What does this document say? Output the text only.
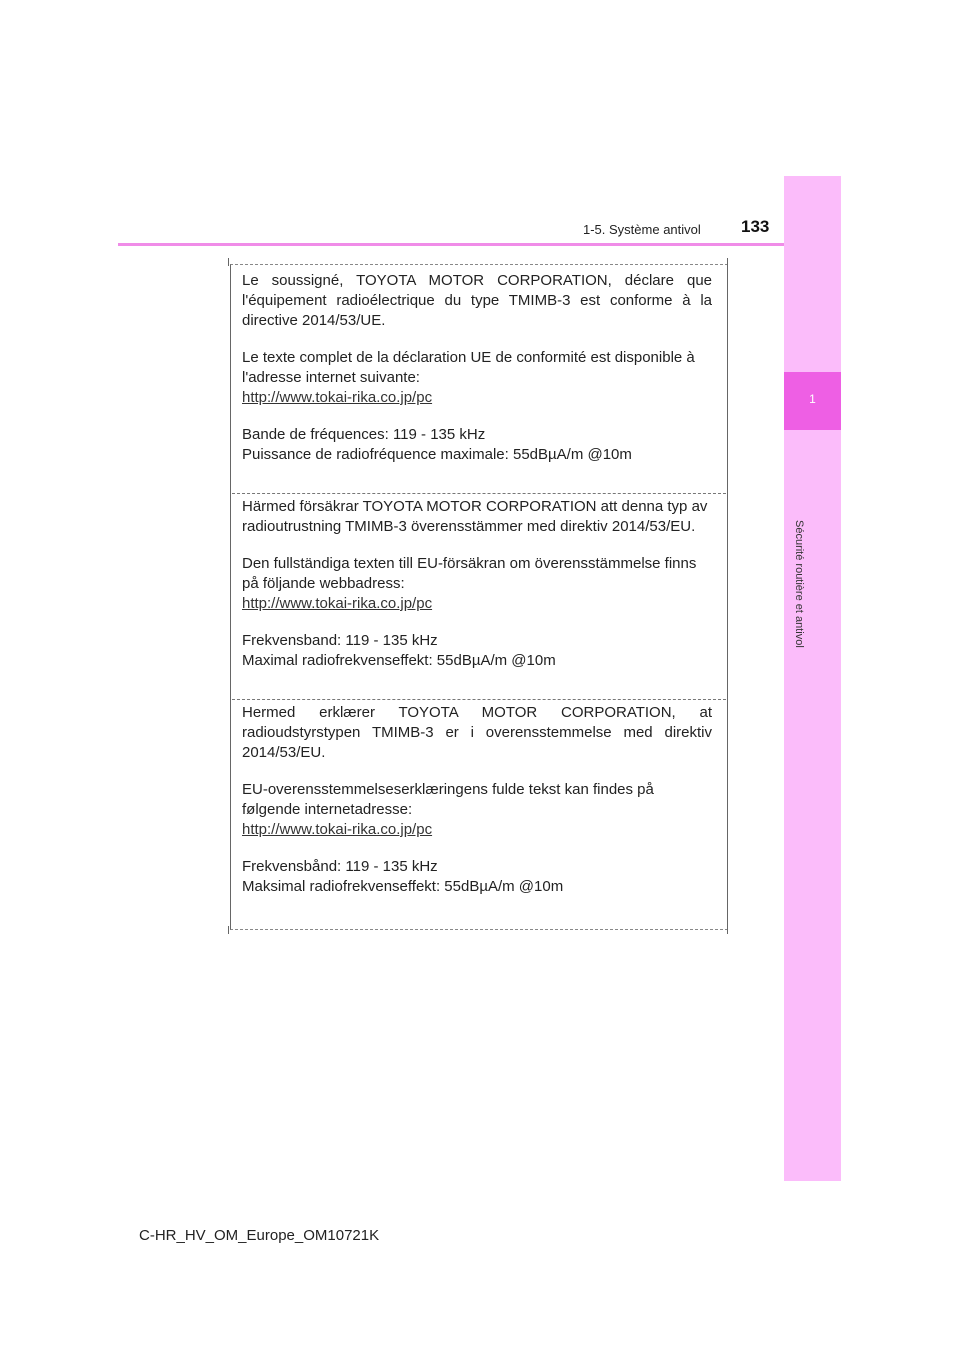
1-5. Système antivol 133
1
Sécurité routière et antivol

Le soussigné, TOYOTA MOTOR CORPORATION, déclare que

l'équipement radioélectrique du type TMIMB-3 est conforme à la

directive 2014/53/UE.

Le texte complet de la déclaration UE de conformité est disponible à

l'adresse internet suivante:

http://www.tokai-rika.co.jp/pc

Bande de fréquences: 119 - 135 kHz

Puissance de radiofréquence maximale: 55dBµA/m @10m

Härmed försäkrar TOYOTA MOTOR CORPORATION att denna typ av

radioutrustning TMIMB-3 överensstämmer med direktiv 2014/53/EU.

Den fullständiga texten till EU-försäkran om överensstämmelse finns

på följande webbadress:

http://www.tokai-rika.co.jp/pc

Frekvensband: 119 - 135 kHz

Maximal radiofrekvenseffekt: 55dBµA/m @10m

Hermed erklærer TOYOTA MOTOR CORPORATION, at

radioudstyrstypen TMIMB-3 er i overensstemmelse med direktiv

2014/53/EU.

EU-overensstemmelseserklæringens fulde tekst kan findes på

følgende internetadresse:

http://www.tokai-rika.co.jp/pc

Frekvensbånd: 119 - 135 kHz

Maksimal radiofrekvenseffekt: 55dBµA/m @10m

C-HR_HV_OM_Europe_OM10721K
